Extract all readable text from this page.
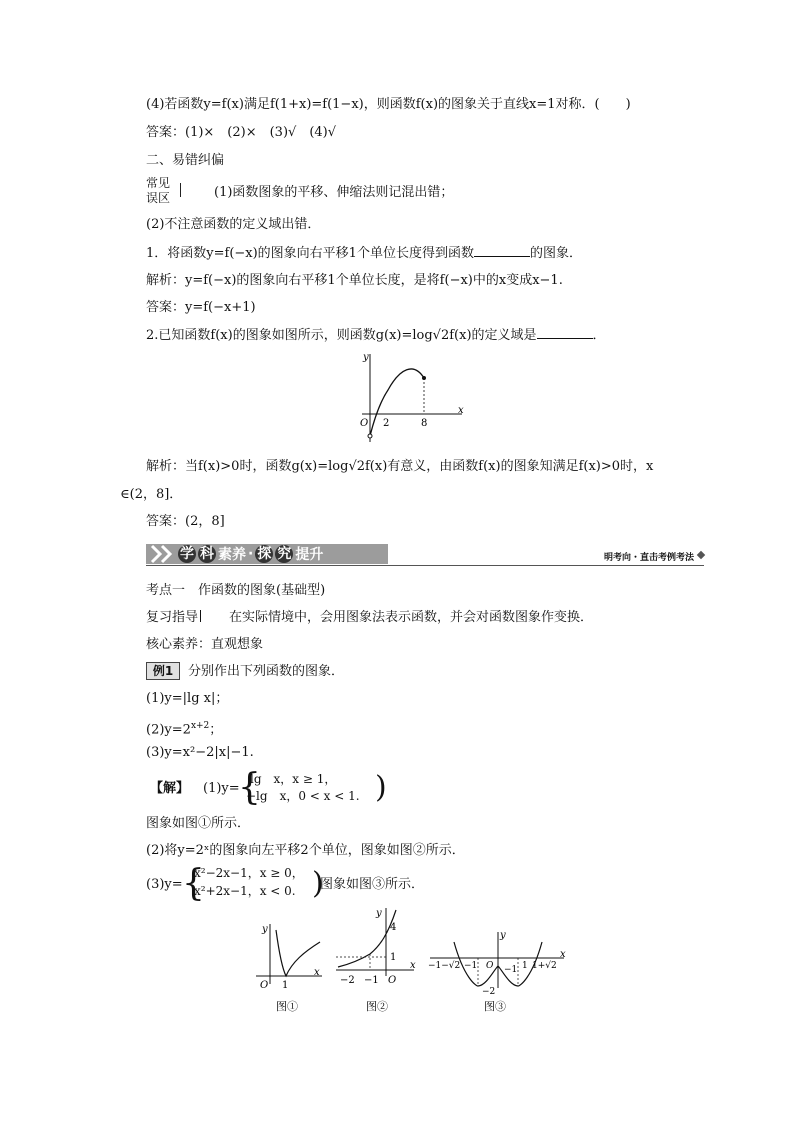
(4)若函数y=f(x)满足f(1+x)=f(1−x)，则函数f(x)的图象关于直线x=1对称．(　　)
答案：(1)×　(2)×　(3)√　(4)√
二、易错纠偏
常见
误区	(1)函数图象的平移、伸缩法则记混出错；
(2)不注意函数的定义域出错．
1．将函数y=f(−x)的图象向右平移1个单位长度得到函数	的图象．
解析：y=f(−x)的图象向右平移1个单位长度，是将f(−x)中的x变成x−1.
答案：y=f(−x+1)
2.已知函数f(x)的图象如图所示，则函数g(x)=log√2f(x)的定义域是	．
y
x
O 2	8
解析：当f(x)>0时，函数g(x)=log√2f(x)有意义，由函数f(x)的图象知满足f(x)>0时，x
∈(2，8]．
答案：(2，8]
学 科 素养 · 探 究 提升	明考向・直击考例考法
考点一　作函数的图象(基础型)
复习指导 在实际情境中，会用图象法表示函数，并会对函数图象作变换．
核心素养：直观想象
例1	分别作出下列函数的图象．
(1)y=|lg x|；
$(2)y=2^{x+2}$；
(3)y=x²−2|x|−1.
【解】 (1)y=
{
lg　x，x ≥ 1，
−lg　x，0 < x < 1. )
图象如图①所示．
(2)将y=2ˣ的图象向左平移2个单位，图象如图②所示．
(3)y= {
x²−2x−1，x ≥ 0，
x²+2x−1，x < 0. )
图象如图③所示．
y
x
O 1
图①
y
x
4
1
−2 −1 O
图②
y
x
−1−√2 −1 O −1 1 1+√2
−2
图③
